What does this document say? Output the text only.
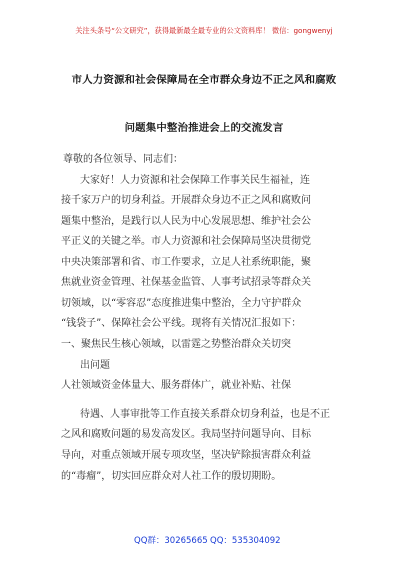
关注头条号“公文研究”，获得最新最全最专业的公文资料库！ 微信：gongwenyj
市人力资源和社会保障局在全市群众身边不正之风和腐败
问题集中整治推进会上的交流发言
尊敬的各位领导、同志们：
大家好！人力资源和社会保障工作事关民生福祉，连
接千家万户的切身利益。开展群众身边不正之风和腐败问
题集中整治，是践行以人民为中心发展思想、维护社会公
平正义的关键之举。市人力资源和社会保障局坚决贯彻党
中央决策部署和省、市工作要求，立足人社系统职能，聚
焦就业资金管理、社保基金监管、人事考试招录等群众关
切领域，以“零容忍”态度推进集中整治，全力守护群众
“钱袋子”、保障社会公平线。现将有关情况汇报如下：
一、聚焦民生核心领域，以雷霆之势整治群众关切突
出问题
人社领域资金体量大、服务群体广，就业补贴、社保
待遇、人事审批等工作直接关系群众切身利益，也是不正
之风和腐败问题的易发高发区。我局坚持问题导向、目标
导向，对重点领域开展专项攻坚，坚决铲除损害群众利益
的“毒瘤”，切实回应群众对人社工作的殷切期盼。
QQ群：30265665 QQ：535304092
